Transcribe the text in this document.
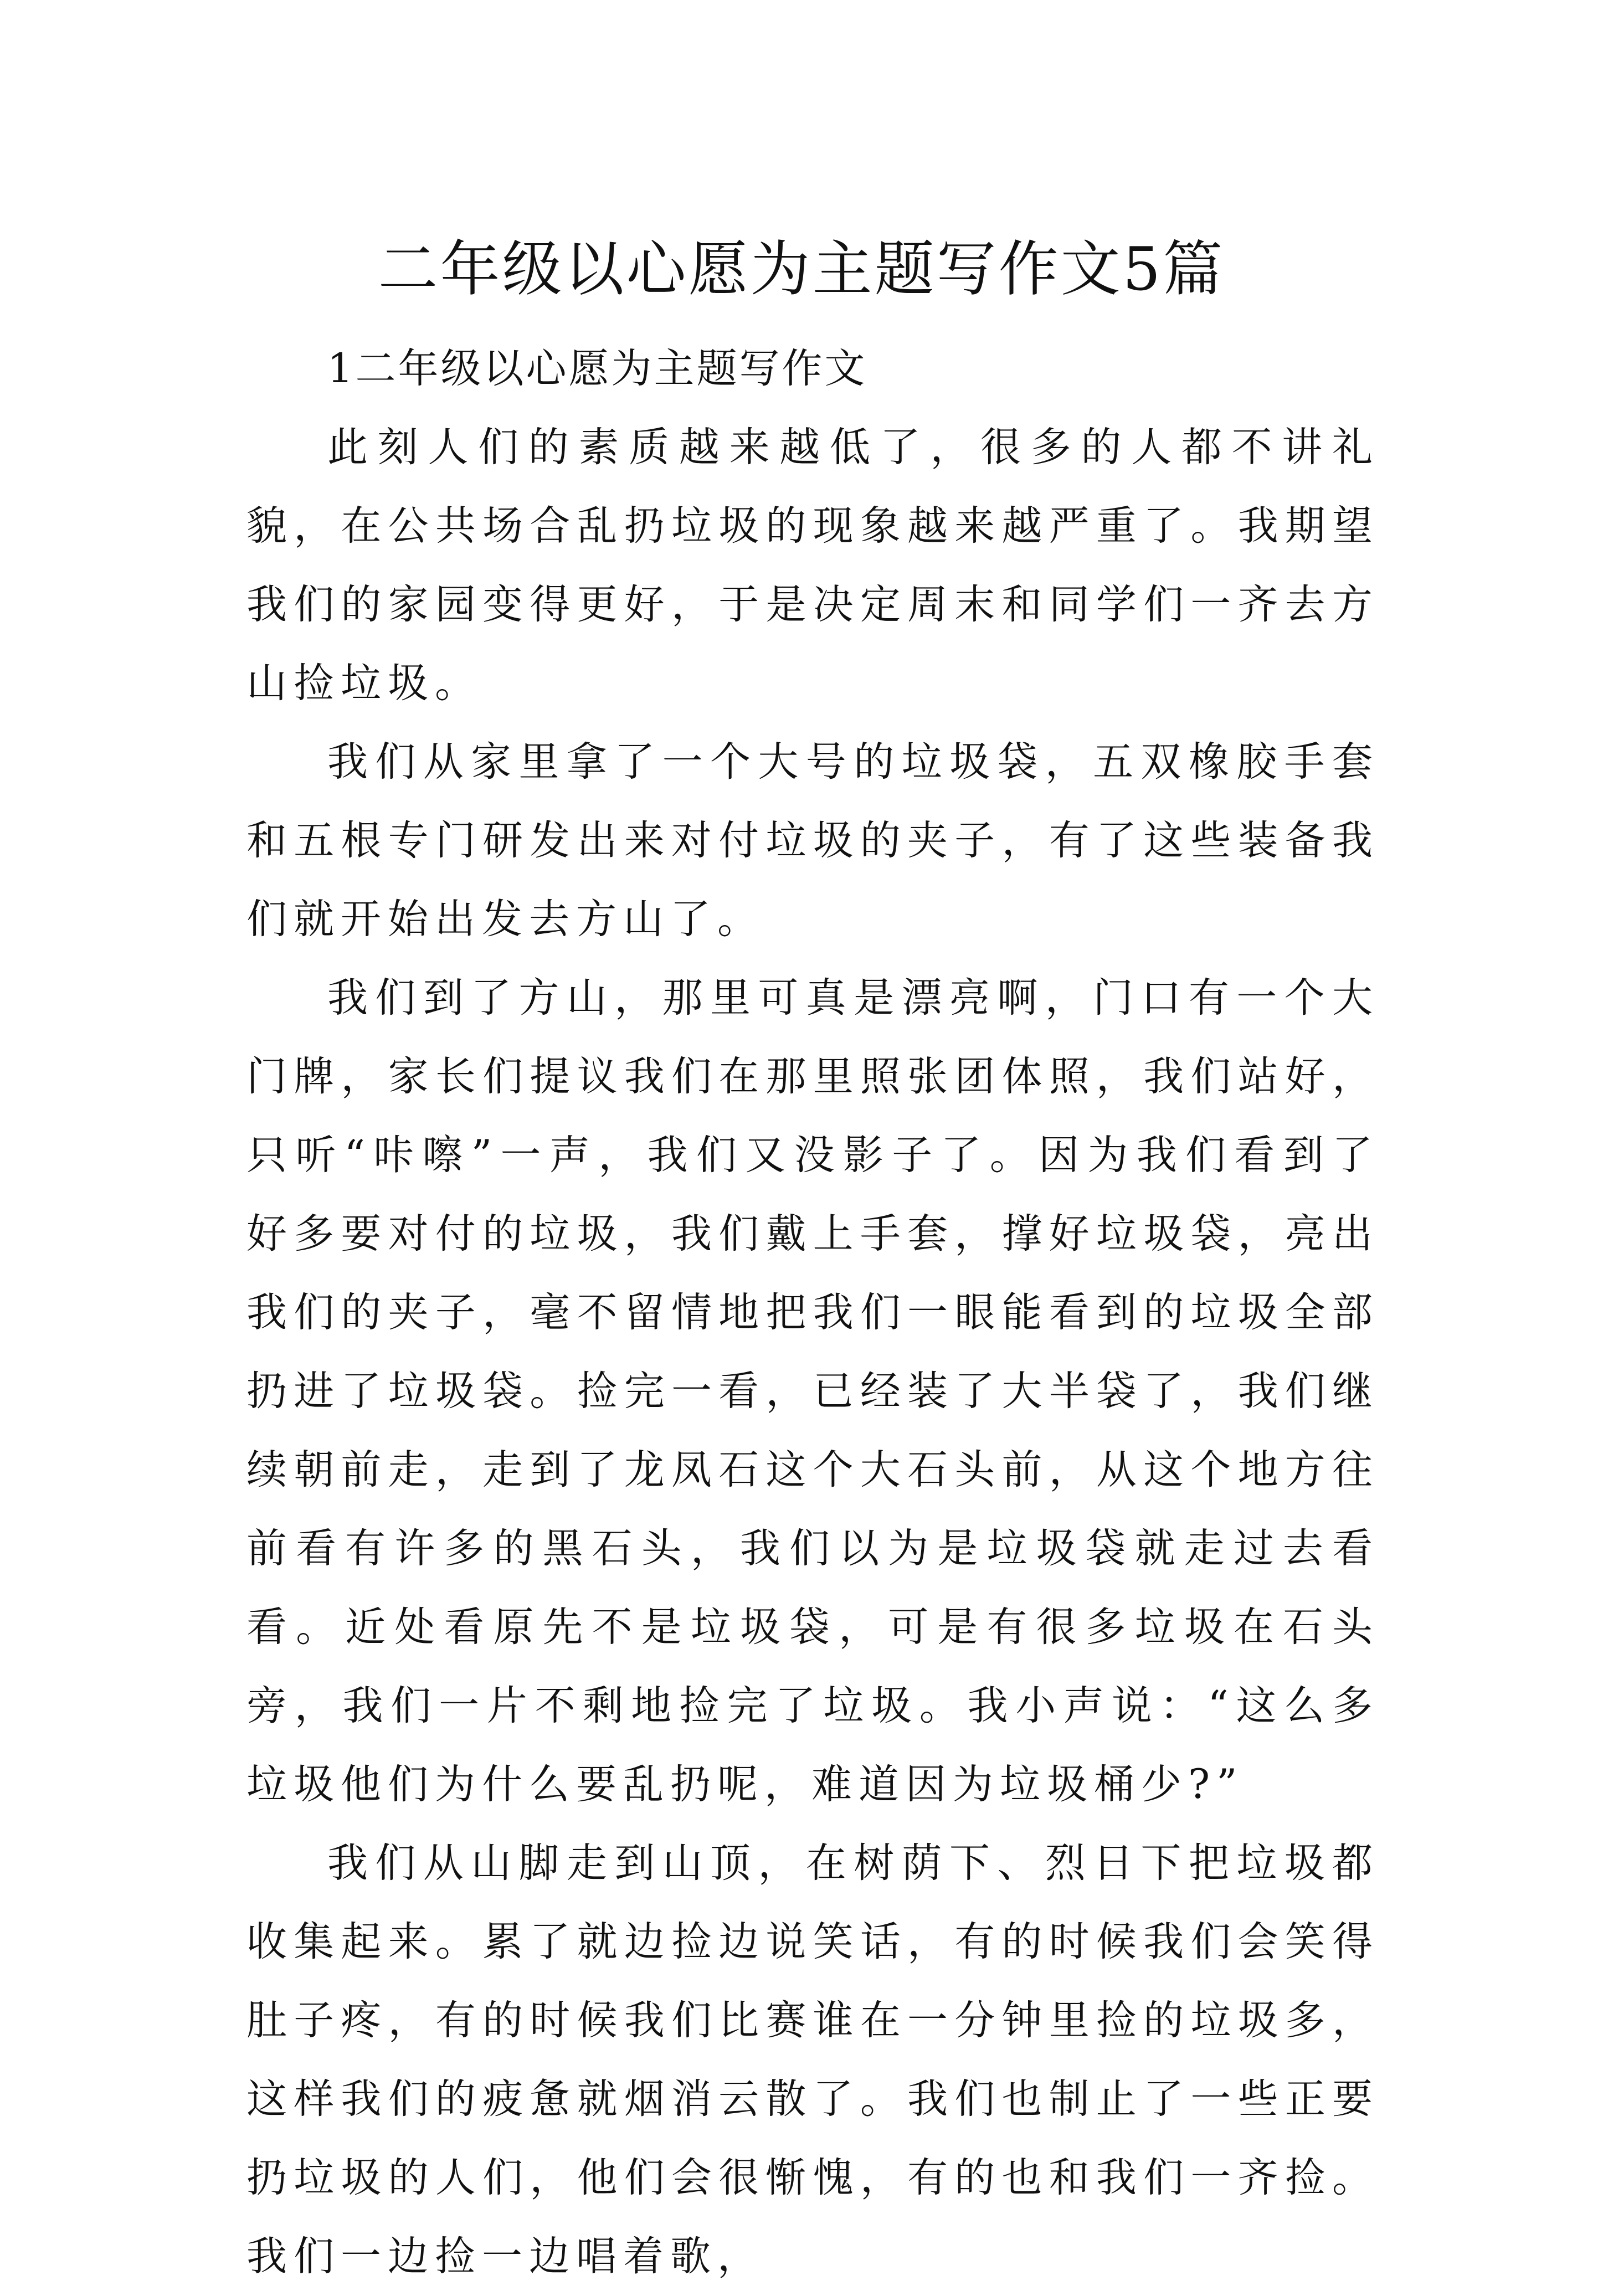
二年级以心愿为主题写作文5篇
1二年级以心愿为主题写作文

此刻人们的素质越来越低了，很多的人都不讲礼貌，在公共场合乱扔垃圾的现象越来越严重了。我期望我们的家园变得更好，于是决定周末和同学们一齐去方山捡垃圾。

我们从家里拿了一个大号的垃圾袋，五双橡胶手套和五根专门研发出来对付垃圾的夹子，有了这些装备我们就开始出发去方山了。

我们到了方山，那里可真是漂亮啊，门口有一个大门牌，家长们提议我们在那里照张团体照，我们站好，只听“咔嚓”一声，我们又没影子了。因为我们看到了好多要对付的垃圾，我们戴上手套，撑好垃圾袋，亮出我们的夹子，毫不留情地把我们一眼能看到的垃圾全部扔进了垃圾袋。捡完一看，已经装了大半袋了，我们继续朝前走，走到了龙凤石这个大石头前，从这个地方往前看有许多的黑石头，我们以为是垃圾袋就走过去看看。近处看原先不是垃圾袋，可是有很多垃圾在石头旁，我们一片不剩地捡完了垃圾。我小声说：“这么多垃圾他们为什么要乱扔呢，难道因为垃圾桶少?”

我们从山脚走到山顶，在树荫下、烈日下把垃圾都收集起来。累了就边捡边说笑话，有的时候我们会笑得肚子疼，有的时候我们比赛谁在一分钟里捡的垃圾多，这样我们的疲惫就烟消云散了。我们也制止了一些正要扔垃圾的人们，他们会很惭愧，有的也和我们一齐捡。我们一边捡一边唱着歌，
